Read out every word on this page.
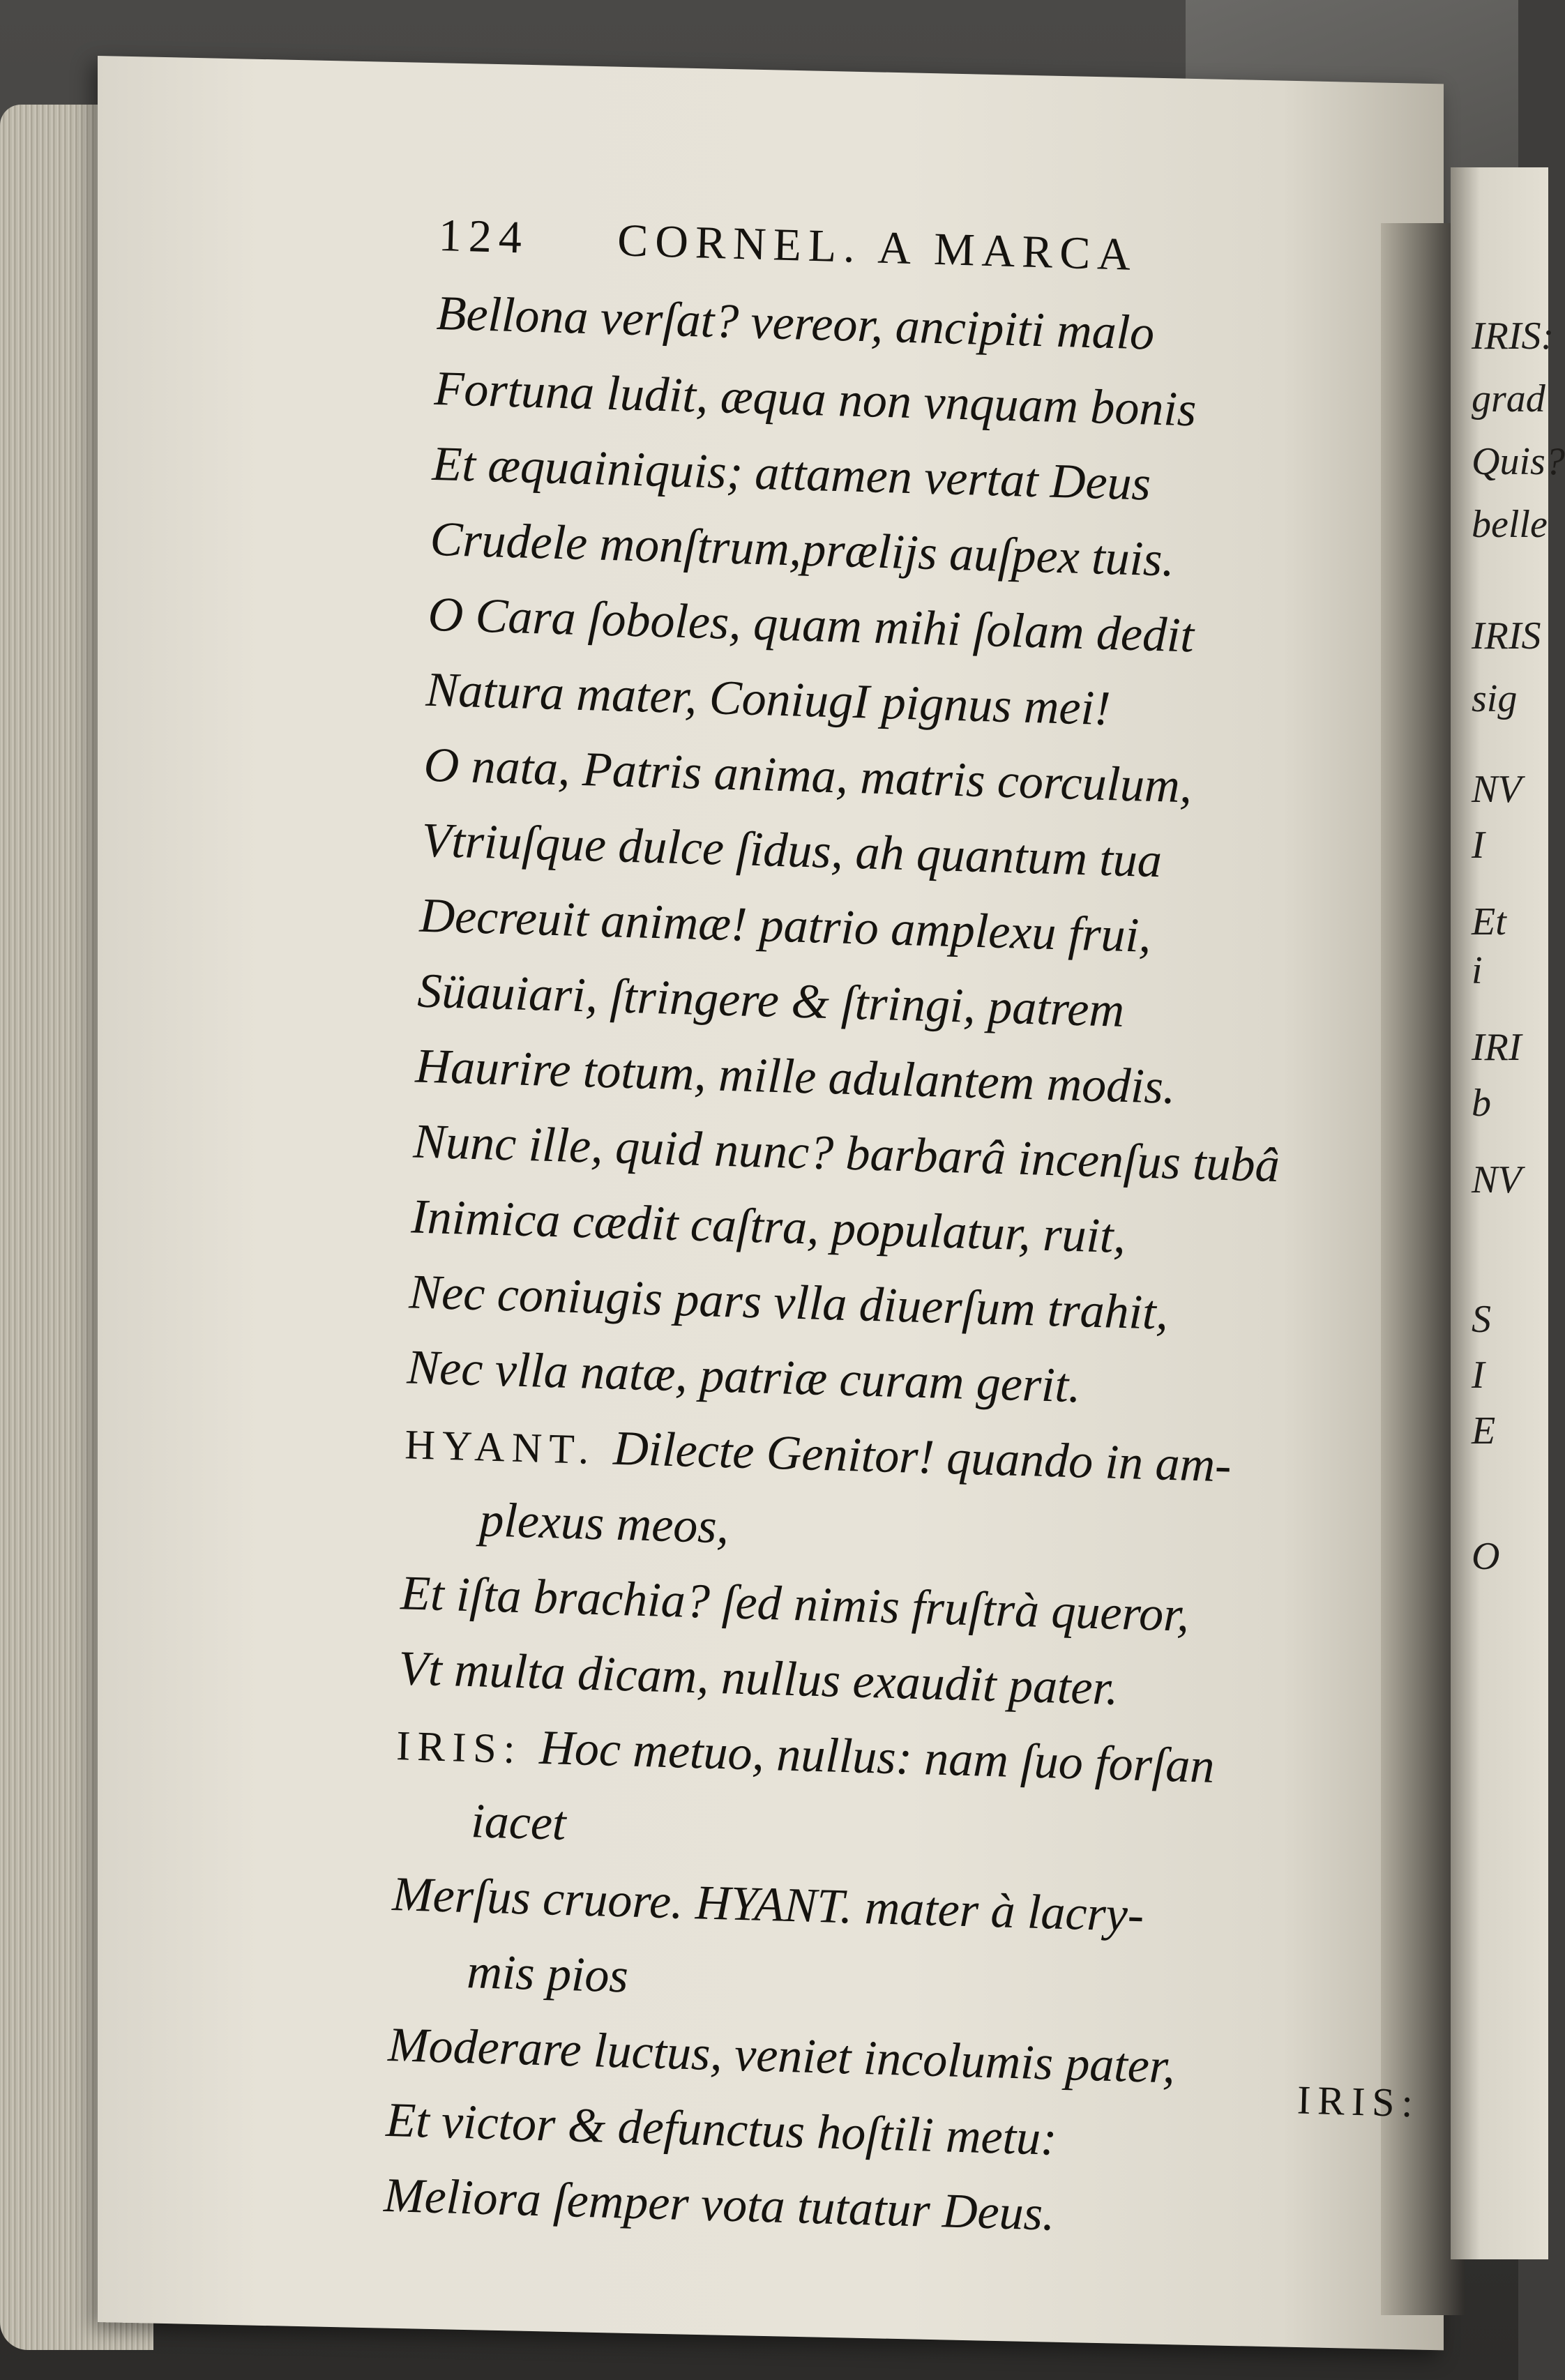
IRIS:
grad
Quis?
belle
IRIS
sig
NV
I
Et
i
IRI
b
NV
S
I
E
O
124 CORNEL. A MARCA
Bellona verſat? vereor, ancipiti malo
Fortuna ludit, æqua non vnquam bonis
Et æquainiquis; attamen vertat Deus
Crudele monſtrum,prælijs auſpex tuis.
O Cara ſoboles, quam mihi ſolam dedit
Natura mater, ConiugI pignus mei!
O nata, Patris anima, matris corculum,
Vtriuſque dulce ſidus, ah quantum tua
Decreuit animæ! patrio amplexu frui,
Süauiari, ſtringere & ſtringi, patrem
Haurire totum, mille adulantem modis.
Nunc ille, quid nunc? barbarâ incenſus tubâ
Inimica cædit caſtra, populatur, ruit,
Nec coniugis pars vlla diuerſum trahit,
Nec vlla natæ, patriæ curam gerit.
HYANT. Dilecte Genitor! quando in am-
plexus meos,
Et iſta brachia? ſed nimis fruſtrà queror,
Vt multa dicam, nullus exaudit pater.
IRIS: Hoc metuo, nullus: nam ſuo forſan
iacet
Merſus cruore. HYANT. mater à lacry-
mis pios
Moderare luctus, veniet incolumis pater,
Et victor & defunctus hoſtili metu:
Meliora ſemper vota tutatur Deus.
IRIS:
